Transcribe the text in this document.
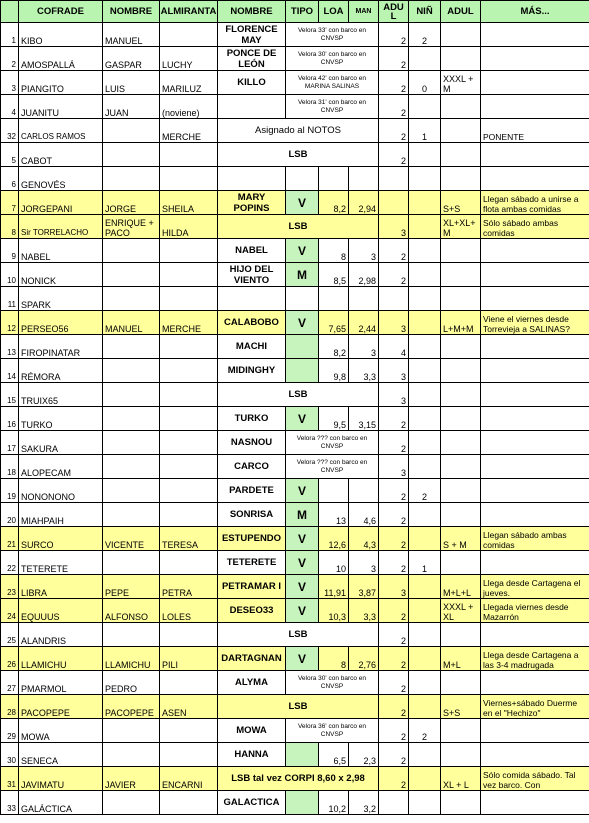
	COFRADE	NOMBRE	ALMIRANTA	NOMBRE	TIPO	LOA	MAN	ADU L	NIÑ	ADUL	MÁS...
1	KIBO	MANUEL		FLORENCE MAY	Velora 33' con barco en CNVSP			2	2		
2	AMOSPALLÁ	GASPAR	LUCHY	PONCE DE LEÓN	Velora 30' con barco en CNVSP			2			
3	PIANGITO	LUIS	MARILUZ	KILLO	Velora 42' con barco en MARINA SALINAS			2	0	XXXL + M	
4	JUANITU	JUAN	(noviene)		Velora 31' con barco en CNVSP			2			
32	CARLOS RAMOS		MERCHE	Asignado al NOTOS				2	1		PONENTE
5	CABOT			LSB				2			
6	GENOVÉS										
7	JORGEPANI	JORGE	SHEILA	MARY POPINS	V	8,2	2,94			S+S	Llegan sábado a unirse a flota ambas comidas
8	Sir TORRELACHO	ENRIQUE + PACO	HILDA	LSB				3		XL+XL+ M	Sólo sábado ambas comidas
9	NABEL			NABEL	V	8	3	2			
10	NONICK			HIJO DEL VIENTO	M	8,5	2,98	2			
11	SPARK										
12	PERSEO56	MANUEL	MERCHE	CALABOBO	V	7,65	2,44	3		L+M+M	Viene el viernes desde Torrevieja a SALINAS?
13	FIROPINATAR			MACHI		8,2	3	4			
14	RÉMORA			MIDINGHY		9,8	3,3	3			
15	TRUIX65			LSB				3			
16	TURKO			TURKO	V	9,5	3,15	2			
17	SAKURA			NASNOU	Velora ??? con barco en CNVSP			2			
18	ALOPECAM			CARCO	Velora ??? con barco en CNVSP			3			
19	NONONONO			PARDETE	V			2	2		
20	MIAHPAIH			SONRISA	M	13	4,6	2			
21	SURCO	VICENTE	TERESA	ESTUPENDO	V	12,6	4,3	2		S + M	Llegan sábado ambas comidas
22	TETERETE			TETERETE	V	10	3	2	1		
23	LIBRA	PEPE	PETRA	PETRAMAR I	V	11,91	3,87	3		M+L+L	Llega desde Cartagena el jueves.
24	EQUUUS	ALFONSO	LOLES	DESEO33	V	10,3	3,3	2		XXXL + XL	Llegada viernes desde Mazarrón
25	ALANDRIS			LSB				2			
26	LLAMICHU	LLAMICHU	PILI	DARTAGNAN	V	8	2,76	2		M+L	Llega desde Cartagena a las 3-4 madrugada
27	PMARMOL	PEDRO		ALYMA	Velora 30' con barco en CNVSP			2			
28	PACOPEPE	PACOPEPE	ASEN	LSB				2		S+S	Viernes+sábado Duerme en el "Hechizo"
29	MOWA			MOWA	Velora 36' con barco en CNVSP			2	2		
30	SENECA			HANNA		6,5	2,3	2			
31	JAVIMATU	JAVIER	ENCARNI	LSB tal vez CORPI 8,60 x 2,98				2		XL + L	Sólo comida sábado. Tal vez barco. Con
33	GALÁCTICA			GALACTICA		10,2	3,2				
